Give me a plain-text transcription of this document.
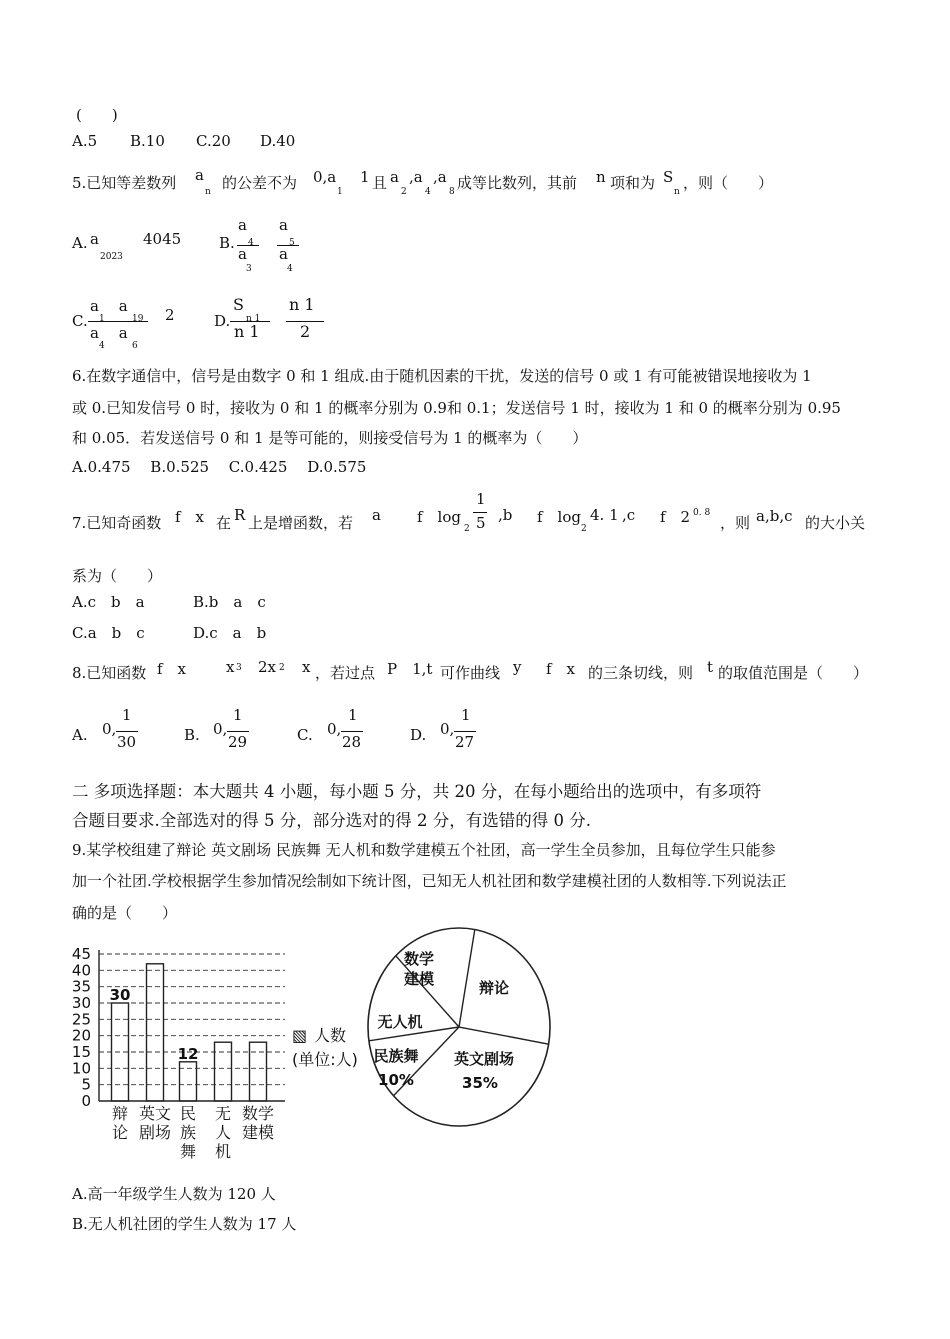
(　　)
A.5 B.10 C.20 D.40
5.已知等差数列 a
n 的公差不为 0,a
1
1 且 a
2
,a
4
,a
8 成等比数列，其前 n 项和为 S
n ，则（　　）
A. a
2023
4045	B.
a
4
a
3
a
5
a
4
C.
a　 a
1	19
a　 a
4	6
2	D.
S
n 1
n 1
n 1
2
6.在数字通信中，信号是由数字 0 和 1 组成.由于随机因素的干扰，发送的信号 0 或 1 有可能被错误地接收为 1
或 0.已知发信号 0 时，接收为 0 和 1 的概率分别为 0.9和 0.1；发送信号 1 时，接收为 1 和 0 的概率分别为 0.95
和 0.05．若发送信号 0 和 1 是等可能的，则接受信号为 1 的概率为（　　）
A.0.475　 B.0.525　 C.0.425　 D.0.575
7.已知奇函数 f　x 在 R 上是增函数，若 a f　log
2
1
5 ,b f　log
2
4. 1 ,c f　2 0. 8
，则 a,b,c 的大小关
系为（　　）
A.c　b　a	B.b　a　c
C.a　b　c	D.c　a　b
8.已知函数 f　x	x 3 2x 2 x ，若过点 P　1,t 可作曲线 y f　x 的三条切线，则 t 的取值范围是（　　）
A. 0,
1
30	B. 0,
1
29	C. 0,
1
28	D. 0,
1
27
二 多项选择题：本大题共 4 小题，每小题 5 分，共 20 分，在每小题给出的选项中，有多项符
合题目要求.全部选对的得 5 分，部分选对的得 2 分，有选错的得 0 分.
9.某学校组建了辩论 英文剧场 民族舞 无人机和数学建模五个社团，高一学生全员参加，且每位学生只能参
加一个社团.学校根据学生参加情况绘制如下统计图，已知无人机社团和数学建模社团的人数相等.下列说法正
确的是（　　）
0
5
10
15
20
25
30
35
40
45
30
12
辩
论
英文
剧场
民
族
舞
无
人
机
数学
建模
▧ 人数
(单位:人)
辩论
英文剧场
35%
民族舞
10%
无人机
数学
建模
A.高一年级学生人数为 120 人
B.无人机社团的学生人数为 17 人
